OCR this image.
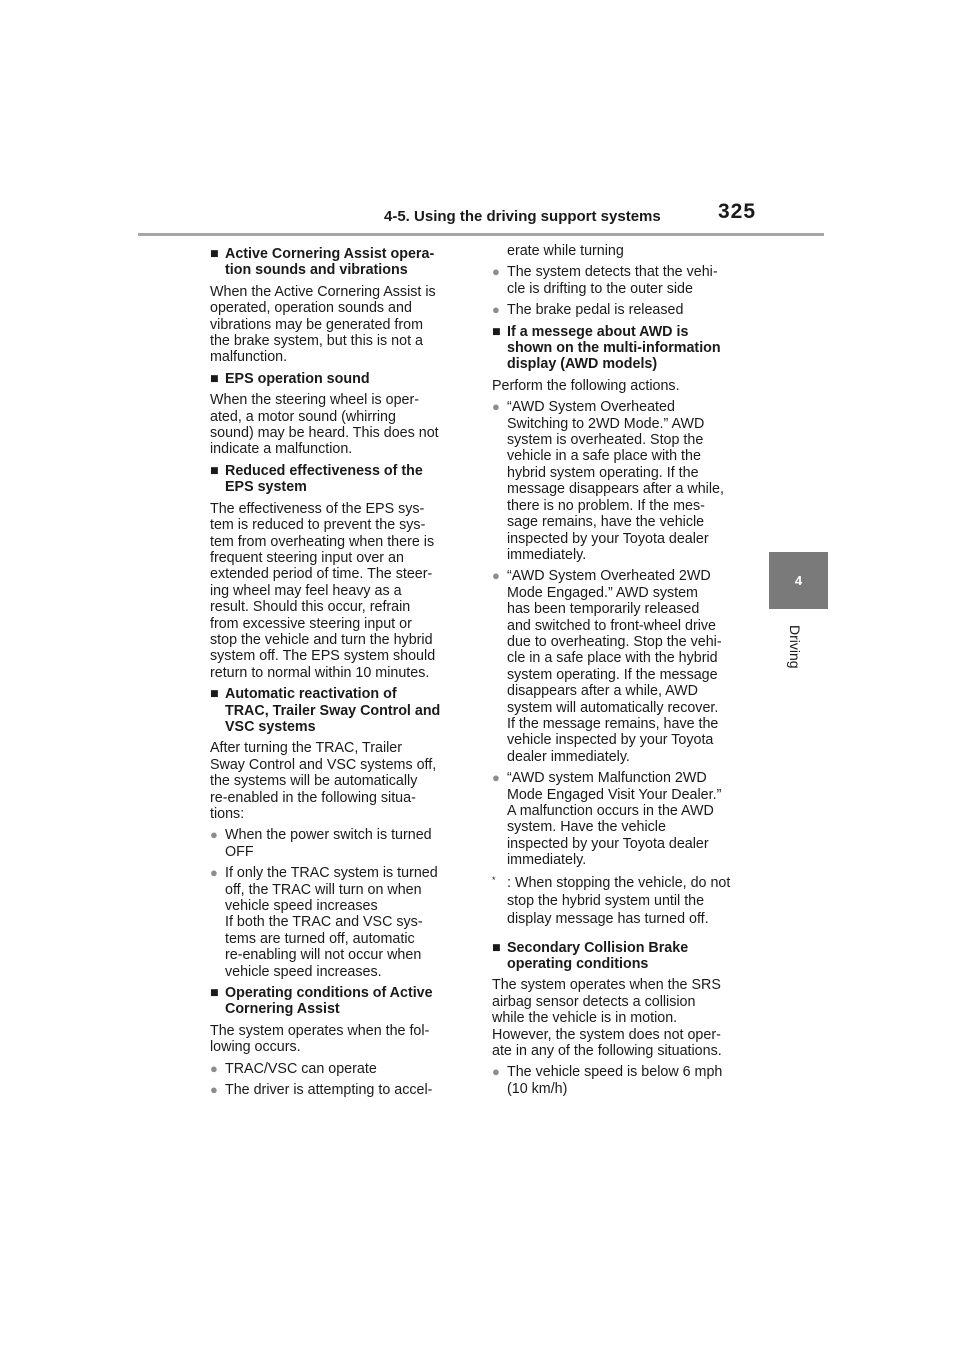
4-5. Using the driving support systems	325
4
Driving
■ Active Cornering Assist opera-
tion sounds and vibrations
When the Active Cornering Assist is
operated, operation sounds and
vibrations may be generated from
the brake system, but this is not a
malfunction.
■ EPS operation sound
When the steering wheel is oper-
ated, a motor sound (whirring
sound) may be heard. This does not
indicate a malfunction.
■ Reduced effectiveness of the
EPS system
The effectiveness of the EPS sys-
tem is reduced to prevent the sys-
tem from overheating when there is
frequent steering input over an
extended period of time. The steer-
ing wheel may feel heavy as a
result. Should this occur, refrain
from excessive steering input or
stop the vehicle and turn the hybrid
system off. The EPS system should
return to normal within 10 minutes.
■ Automatic reactivation of
TRAC, Trailer Sway Control and
VSC systems
After turning the TRAC, Trailer
Sway Control and VSC systems off,
the systems will be automatically
re-enabled in the following situa-
tions:
● When the power switch is turned
OFF
● If only the TRAC system is turned
off, the TRAC will turn on when
vehicle speed increases
If both the TRAC and VSC sys-
tems are turned off, automatic
re-enabling will not occur when
vehicle speed increases.
■ Operating conditions of Active
Cornering Assist
The system operates when the fol-
lowing occurs.
● TRAC/VSC can operate
● The driver is attempting to accel-
erate while turning
● The system detects that the vehi-
cle is drifting to the outer side
● The brake pedal is released
■ If a messege about AWD is
shown on the multi-information
display (AWD models)
Perform the following actions.
● “AWD System Overheated
Switching to 2WD Mode.” AWD
system is overheated. Stop the
vehicle in a safe place with the
hybrid system operating. If the
message disappears after a while,
there is no problem. If the mes-
sage remains, have the vehicle
inspected by your Toyota dealer
immediately.
● “AWD System Overheated 2WD
Mode Engaged.” AWD system
has been temporarily released
and switched to front-wheel drive
due to overheating. Stop the vehi-
cle in a safe place with the hybrid
system operating. If the message
disappears after a while, AWD
system will automatically recover.
If the message remains, have the
vehicle inspected by your Toyota
dealer immediately.
● “AWD system Malfunction 2WD
Mode Engaged Visit Your Dealer.”
A malfunction occurs in the AWD
system. Have the vehicle
inspected by your Toyota dealer
immediately.
* : When stopping the vehicle, do not
stop the hybrid system until the
display message has turned off.
■ Secondary Collision Brake
operating conditions
The system operates when the SRS
airbag sensor detects a collision
while the vehicle is in motion.
However, the system does not oper-
ate in any of the following situations.
● The vehicle speed is below 6 mph
(10 km/h)
